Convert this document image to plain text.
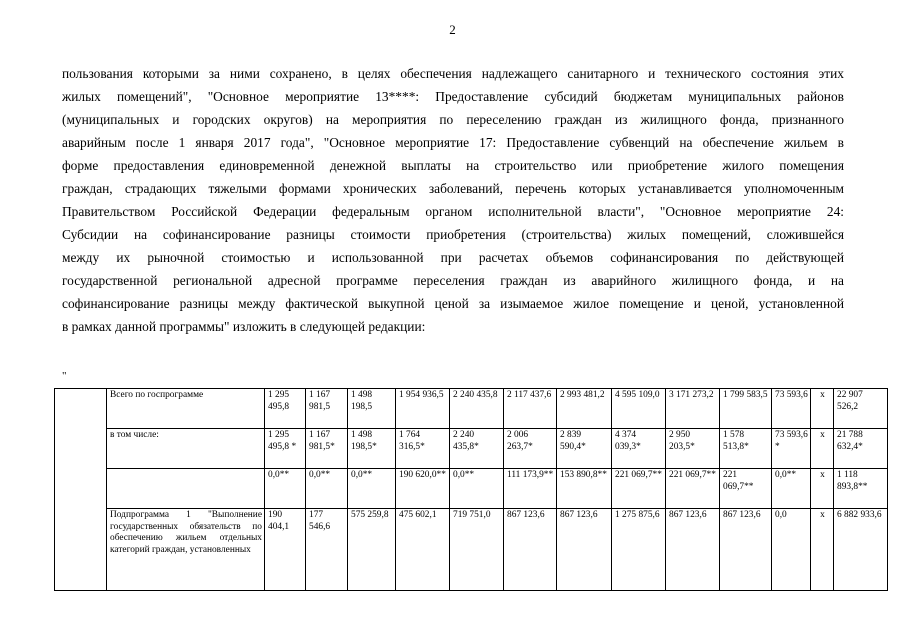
2
пользования которыми за ними сохранено, в целях обеспечения надлежащего санитарного и технического состояния этих
жилых помещений", "Основное мероприятие 13****: Предоставление субсидий бюджетам муниципальных районов
(муниципальных и городских округов) на мероприятия по переселению граждан из жилищного фонда, признанного
аварийным после 1 января 2017 года", "Основное мероприятие 17: Предоставление субвенций на обеспечение жильем в
форме предоставления единовременной денежной выплаты на строительство или приобретение жилого помещения
граждан, страдающих тяжелыми формами хронических заболеваний, перечень которых устанавливается уполномоченным
Правительством Российской Федерации федеральным органом исполнительной власти", "Основное мероприятие 24:
Субсидии на софинансирование разницы стоимости приобретения (строительства) жилых помещений, сложившейся
между их рыночной стоимостью и использованной при расчетах объемов софинансирования по действующей
государственной региональной адресной программе переселения граждан из аварийного жилищного фонда, и на
софинансирование разницы между фактической выкупной ценой за изымаемое жилое помещение и ценой, установленной
в рамках данной программы" изложить в следующей редакции:
"
	Всего по госпрограмме	1 295 495,8	1 167 981,5	1 498 198,5	1 954 936,5	2 240 435,8	2 117 437,6	2 993 481,2	4 595 109,0	3 171 273,2	1 799 583,5	73 593,6	х	22 907 526,2
	в том числе:	1 295 495,8 *	1 167 981,5*	1 498 198,5*	1 764 316,5*	2 240 435,8*	2 006 263,7*	2 839 590,4*	4 374 039,3*	2 950 203,5*	1 578 513,8*	73 593,6 *	х	21 788 632,4*
		0,0**	0,0**	0,0**	190 620,0**	0,0**	111 173,9**	153 890,8**	221 069,7**	221 069,7**	221 069,7**	0,0**	х	1 118 893,8**
	Подпрограмма 1 "Выполнение государственных обязательств по обеспечению жильем отдельных категорий граждан, установленных	190 404,1	177 546,6	575 259,8	475 602,1	719 751,0	867 123,6	867 123,6	1 275 875,6	867 123,6	867 123,6	0,0	х	6 882 933,6
